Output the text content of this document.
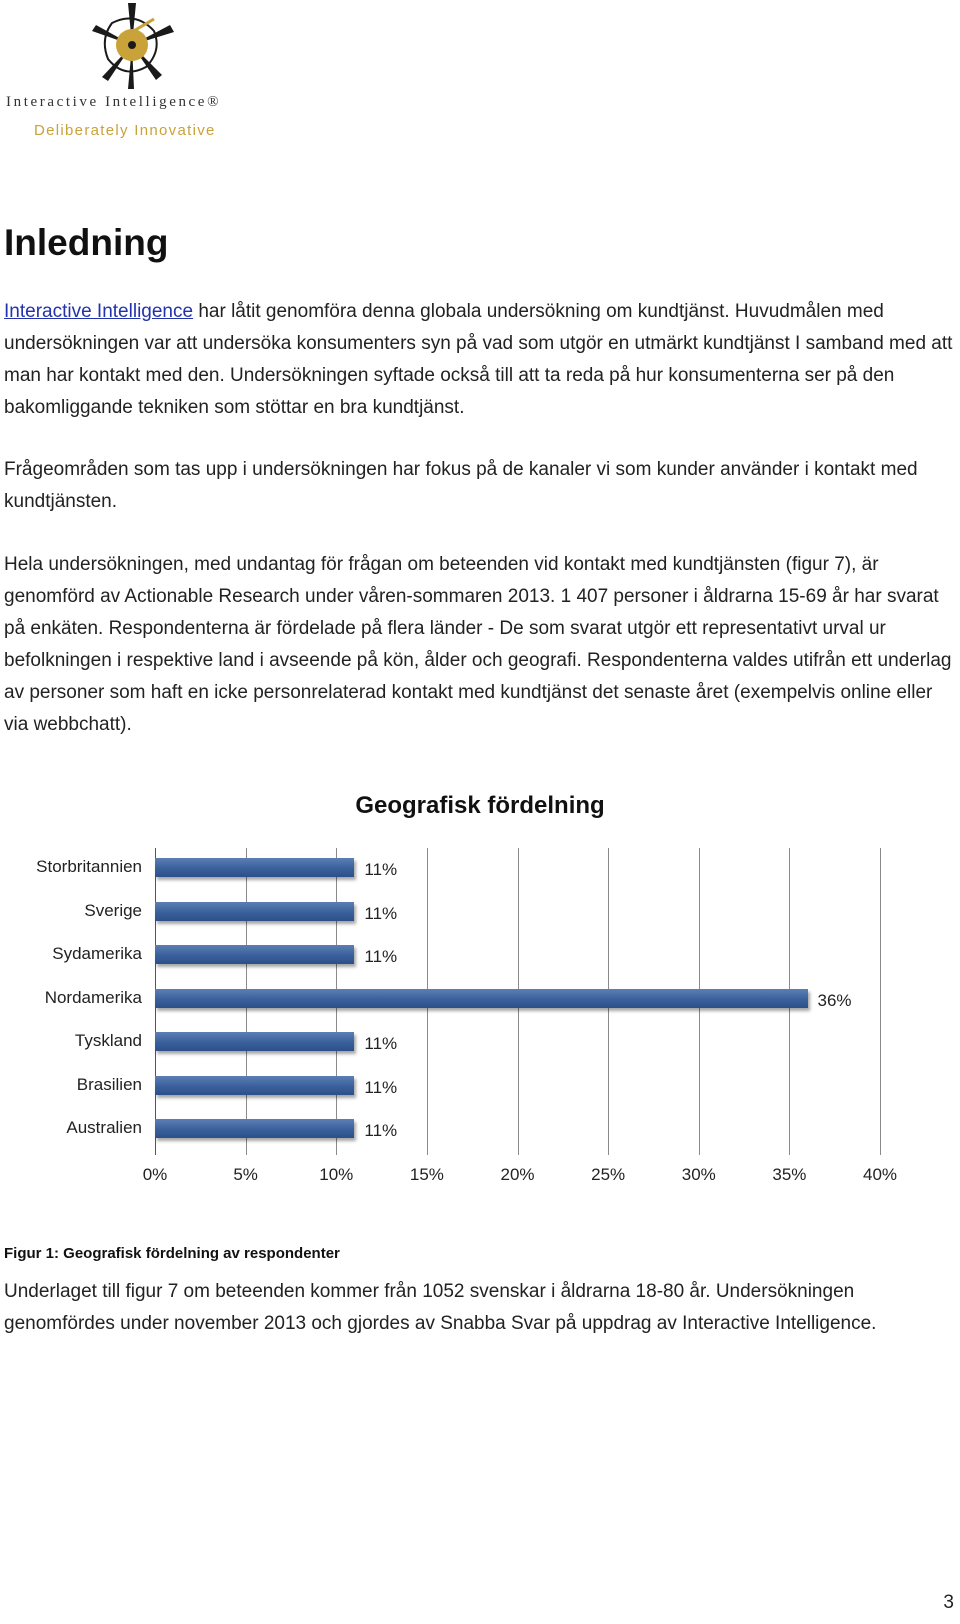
Interactive Intelligence®
Deliberately Innovative
Inledning

Interactive Intelligence har låtit genomföra denna globala undersökning om kundtjänst. Huvudmålen med undersökningen var att undersöka konsumenters syn på vad som utgör en utmärkt kundtjänst I samband med att man har kontakt med den. Undersökningen syftade också till att ta reda på hur konsumenterna ser på den bakomliggande tekniken som stöttar en bra kundtjänst.

Frågeområden som tas upp i undersökningen har fokus på de kanaler vi som kunder använder i kontakt med kundtjänsten.

Hela undersökningen, med undantag för frågan om beteenden vid kontakt med kundtjänsten (figur 7), är genomförd av Actionable Research under våren-sommaren 2013. 1 407 personer i åldrarna 15-69 år har svarat på enkäten. Respondenterna är fördelade på flera länder - De som svarat utgör ett representativt urval ur befolkningen i respektive land i avseende på kön, ålder och geografi. Respondenterna valdes utifrån ett underlag av personer som haft en icke personrelaterad kontakt med kundtjänst det senaste året (exempelvis online eller via webbchatt).

Geografisk fördelning
0%	5%	10%	15%	20%	25%	30%	35%	40%
Storbritannien	11%
Sverige	11%
Sydamerika	11%
Nordamerika	36%
Tyskland	11%
Brasilien	11%
Australien	11%
Figur 1: Geografisk fördelning av respondenter

Underlaget till figur 7 om beteenden kommer från 1052 svenskar i åldrarna 18-80 år. Undersökningen genomfördes under november 2013 och gjordes av Snabba Svar på uppdrag av Interactive Intelligence.

3
